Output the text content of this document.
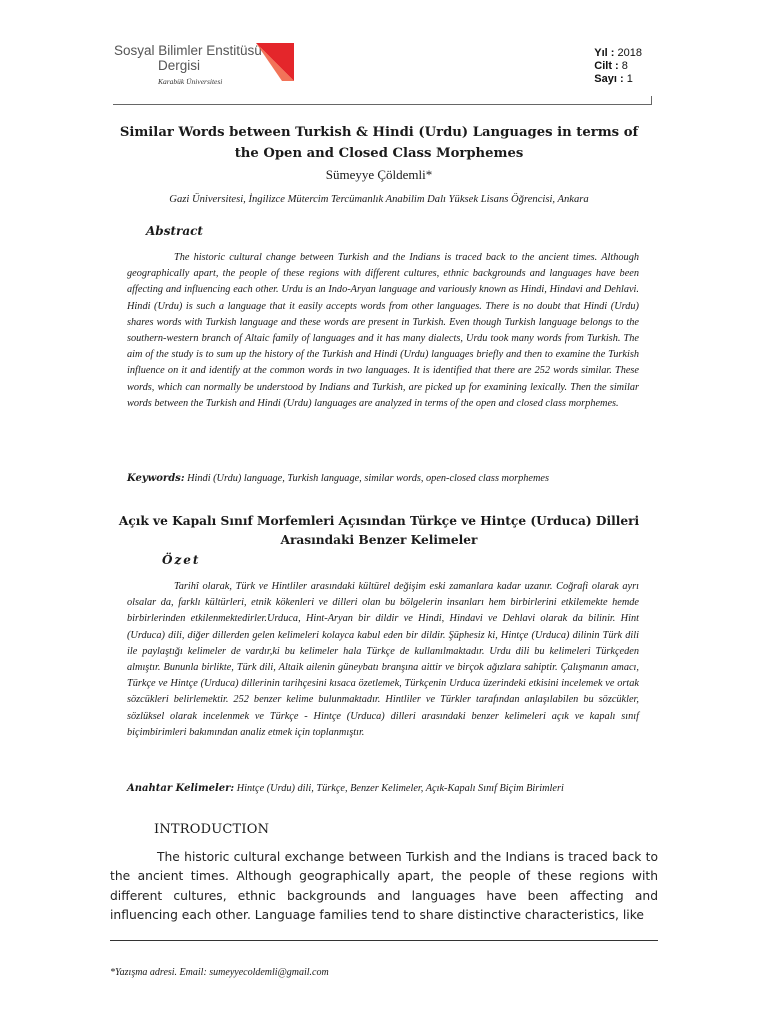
Sosyal Bilimler Enstitüsü
Dergisi
Karabük Üniversitesi
Yıl : 2018
Cilt : 8
Sayı : 1
Similar Words between Turkish & Hindi (Urdu) Languages in terms of the Open and Closed Class Morphemes
Sümeyye Çöldemli*
Gazi Üniversitesi, İngilizce Mütercim Tercümanlık Anabilim Dalı Yüksek Lisans Öğrencisi, Ankara
Abstract
The historic cultural change between Turkish and the Indians is traced back to the ancient times. Although geographically apart, the people of these regions with different cultures, ethnic backgrounds and languages have been affecting and influencing each other. Urdu is an Indo-Aryan language and variously known as Hindi, Hindavi and Dehlavi. Hindi (Urdu) is such a language that it easily accepts words from other languages. There is no doubt that Hindi (Urdu) shares words with Turkish language and these words are present in Turkish. Even though Turkish language belongs to the southern-western branch of Altaic family of languages and it has many dialects, Urdu took many words from Turkish. The aim of the study is to sum up the history of the Turkish and Hindi (Urdu) languages briefly and then to examine the Turkish influence on it and identify at the common words in two languages. It is identified that there are 252 words similar. These words, which can normally be understood by Indians and Turkish, are picked up for examining lexically. Then the similar words between the Turkish and Hindi (Urdu) languages are analyzed in terms of the open and closed class morphemes.
Keywords: Hindi (Urdu) language, Turkish language, similar words, open-closed class morphemes
Açık ve Kapalı Sınıf Morfemleri Açısından Türkçe ve Hintçe (Urduca) Dilleri Arasındaki Benzer Kelimeler
Özet
Tarihî olarak, Türk ve Hintliler arasındaki kültürel değişim eski zamanlara kadar uzanır. Coğrafi olarak ayrı olsalar da, farklı kültürleri, etnik kökenleri ve dilleri olan bu bölgelerin insanları hem birbirlerini etkilemekte hemde birbirlerinden etkilenmektedirler.Urduca, Hint-Aryan bir dildir ve Hindi, Hindavi ve Dehlavi olarak da bilinir. Hint (Urduca) dili, diğer dillerden gelen kelimeleri kolayca kabul eden bir dildir. Şüphesiz ki, Hintçe (Urduca) dilinin Türk dili ile paylaştığı kelimeler de vardır,ki bu kelimeler hala Türkçe de kullanılmaktadır. Urdu dili bu kelimeleri Türkçeden almıştır. Bununla birlikte, Türk dili, Altaik ailenin güneybatı branşına aittir ve birçok ağızlara sahiptir. Çalışmanın amacı, Türkçe ve Hintçe (Urduca) dillerinin tarihçesini kısaca özetlemek, Türkçenin Urduca üzerindeki etkisini incelemek ve ortak sözcükleri belirlemektir. 252 benzer kelime bulunmaktadır. Hintliler ve Türkler tarafından anlaşılabilen bu sözcükler, sözlüksel olarak incelenmek ve Türkçe - Hintçe (Urduca) dilleri arasındaki benzer kelimeleri açık ve kapalı sınıf biçimbirimleri bakımından analiz etmek için toplanmıştır.
Anahtar Kelimeler: Hintçe (Urdu) dili, Türkçe, Benzer Kelimeler, Açık-Kapalı Sınıf Biçim Birimleri
INTRODUCTION
The historic cultural exchange between Turkish and the Indians is traced back to the ancient times. Although geographically apart, the people of these regions with different cultures, ethnic backgrounds and languages have been affecting and influencing each other. Language families tend to share distinctive characteristics, like
*Yazışma adresi. Email: sumeyyecoldemli@gmail.com
